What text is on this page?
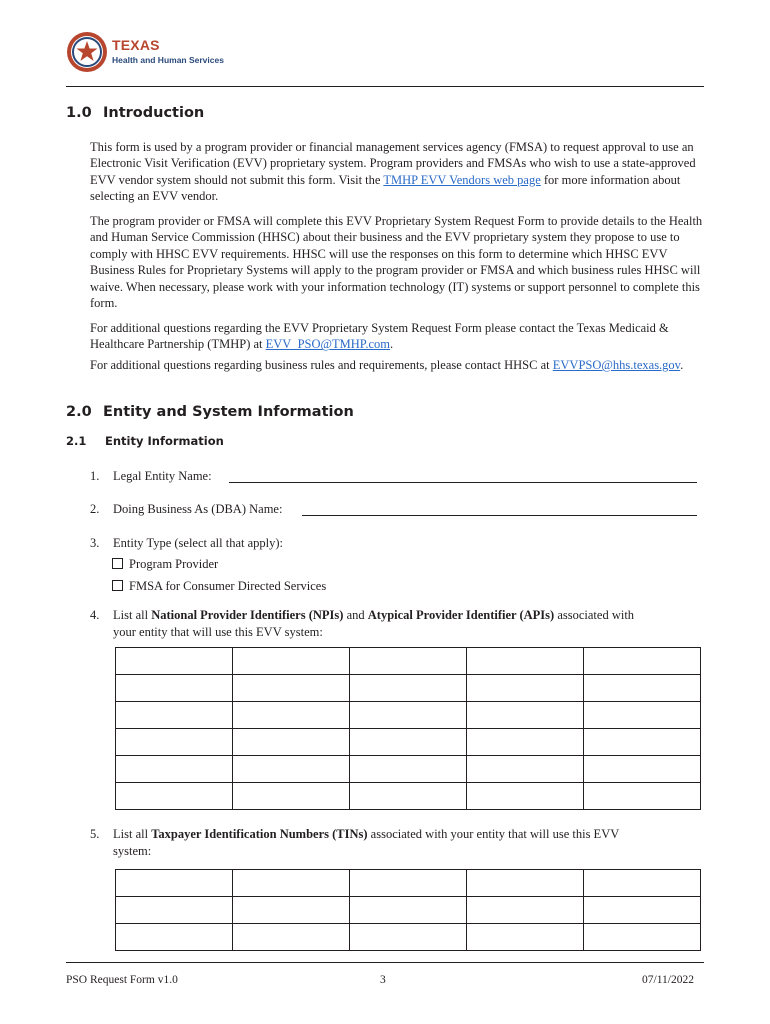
TEXAS
Health and Human Services
1.0 Introduction

This form is used by a program provider or financial management services agency (FMSA) to request approval to use an Electronic Visit Verification (EVV) proprietary system. Program providers and FMSAs who wish to use a state-approved EVV vendor system should not submit this form. Visit the TMHP EVV Vendors web page for more information about selecting an EVV vendor.

The program provider or FMSA will complete this EVV Proprietary System Request Form to provide details to the Health and Human Service Commission (HHSC) about their business and the EVV proprietary system they propose to use to comply with HHSC EVV requirements. HHSC will use the responses on this form to determine which HHSC EVV Business Rules for Proprietary Systems will apply to the program provider or FMSA and which business rules HHSC will waive. When necessary, please work with your information technology (IT) systems or support personnel to complete this form.

For additional questions regarding the EVV Proprietary System Request Form please contact the Texas Medicaid & Healthcare Partnership (TMHP) at EVV_PSO@TMHP.com.

For additional questions regarding business rules and requirements, please contact HHSC at EVVPSO@hhs.texas.gov.

2.0 Entity and System Information
2.1 Entity Information
1. Legal Entity Name:
2. Doing Business As (DBA) Name:
3. Entity Type (select all that apply):
Program Provider
FMSA for Consumer Directed Services
4. List all National Provider Identifiers (NPIs) and Atypical Provider Identifier (APIs) associated with
your entity that will use this EVV system:

5. List all Taxpayer Identification Numbers (TINs) associated with your entity that will use this EVV
system:

PSO Request Form v1.0	3	07/11/2022
